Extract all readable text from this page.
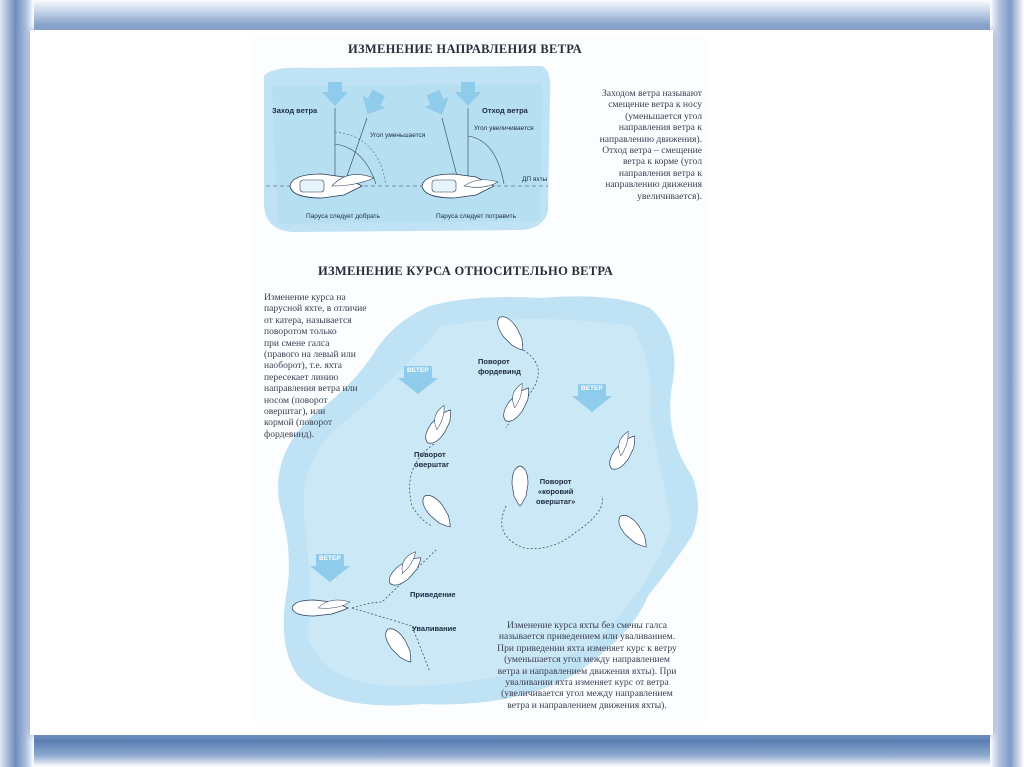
ИЗМЕНЕНИЕ НАПРАВЛЕНИЯ ВЕТРА
Заход ветра	Отход ветра
Угол уменьшается
Угол увеличивается
ДП яхты
Паруса следует добрать	Паруса следует потравить
Заходом ветра называют
смещение ветра к носу
(уменьшается угол
направления ветра к
направлению движения).
Отход ветра – смещение
ветра к корме (угол
направления ветра к
направлению движения
увеличивается).
ИЗМЕНЕНИЕ КУРСА ОТНОСИТЕЛЬНО ВЕТРА
Изменение курса на
парусной яхте, в отличие
от катера, называется
поворотом только
при смене галса
(правого на левый или
наоборот), т.е. яхта
пересекает линию
направления ветра или
носом (поворот
оверштаг), или
кормой (поворот
фордевинд).
ВЕТЕР
ВЕТЕР
ВЕТЕР
Поворот
фордевинд
Поворот
оверштаг
Поворот
«коровий
оверштаг»
Приведение
Уваливание	Изменение курса яхты без смены галса
называется приведением или уваливанием.
При приведении яхта изменяет курс к ветру
(уменьшается угол между направлением
ветра и направлением движения яхты). При
уваливании яхта изменяет курс от ветра
(увеличивается угол между направлением
ветра и направлением движения яхты).
